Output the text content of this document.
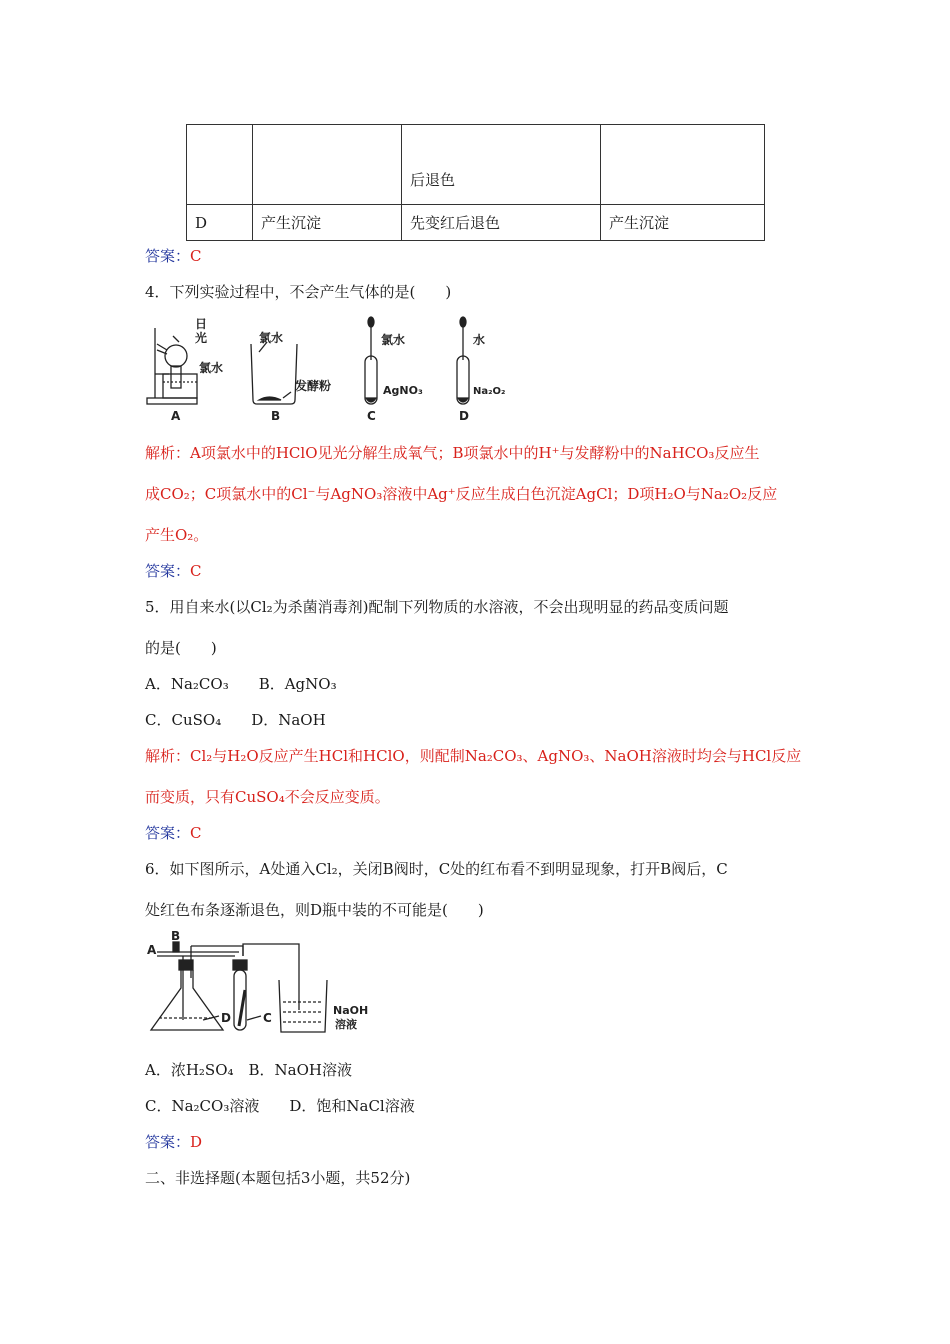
		后退色	
D	产生沉淀	先变红后退色	产生沉淀
答案：C
4．下列实验过程中，不会产生气体的是(　　)
日
光
氯水
氯水
发酵粉
氯水
AgNO₃
水
Na₂O₂
A	B	C	D
解析：A项氯水中的HClO见光分解生成氧气；B项氯水中的H⁺与发酵粉中的NaHCO₃反应生
成CO₂；C项氯水中的Cl⁻与AgNO₃溶液中Ag⁺反应生成白色沉淀AgCl；D项H₂O与Na₂O₂反应
产生O₂。
答案：C
5．用自来水(以Cl₂为杀菌消毒剂)配制下列物质的水溶液，不会出现明显的药品变质问题
的是(　　)
A．Na₂CO₃　　B．AgNO₃
C．CuSO₄　　D．NaOH
解析：Cl₂与H₂O反应产生HCl和HClO，则配制Na₂CO₃、AgNO₃、NaOH溶液时均会与HCl反应
而变质，只有CuSO₄不会反应变质。
答案：C
6．如下图所示，A处通入Cl₂，关闭B阀时，C处的红布看不到明显现象，打开B阀后，C
处红色布条逐渐退色，则D瓶中装的不可能是(　　)
A
B
D	C
NaOH
溶液
A．浓H₂SO₄　B．NaOH溶液
C．Na₂CO₃溶液　　D．饱和NaCl溶液
答案：D
二、非选择题(本题包括3小题，共52分)
